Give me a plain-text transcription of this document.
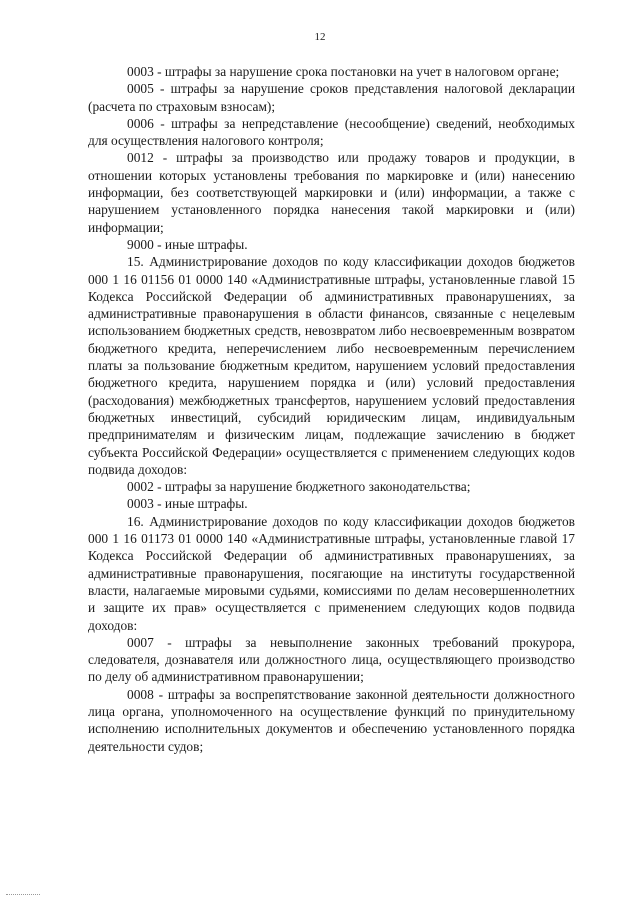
12

0003 - штрафы за нарушение срока постановки на учет в налоговом органе;

0005 - штрафы за нарушение сроков представления налоговой декларации (расчета по страховым взносам);

0006 - штрафы за непредставление (несообщение) сведений, необходимых для осуществления налогового контроля;

0012 - штрафы за производство или продажу товаров и продукции, в отношении которых установлены требования по маркировке и (или) нанесению информации, без соответствующей маркировки и (или) информации, а также с нарушением установленного порядка нанесения такой маркировки и (или) информации;

9000 - иные штрафы.

15. Администрирование доходов по коду классификации доходов бюджетов 000 1 16 01156 01 0000 140 «Административные штрафы, установленные главой 15 Кодекса Российской Федерации об административных правонарушениях, за административные правонарушения в области финансов, связанные с нецелевым использованием бюджетных средств, невозвратом либо несвоевременным возвратом бюджетного кредита, неперечислением либо несвоевременным перечислением платы за пользование бюджетным кредитом, нарушением условий предоставления бюджетного кредита, нарушением порядка и (или) условий предоставления (расходования) межбюджетных трансфертов, нарушением условий предоставления бюджетных инвестиций, субсидий юридическим лицам, индивидуальным предпринимателям и физическим лицам, подлежащие зачислению в бюджет субъекта Российской Федерации» осуществляется с применением следующих кодов подвида доходов:

0002 - штрафы за нарушение бюджетного законодательства;

0003 - иные штрафы.

16. Администрирование доходов по коду классификации доходов бюджетов 000 1 16 01173 01 0000 140 «Административные штрафы, установленные главой 17 Кодекса Российской Федерации об административных правонарушениях, за административные правонарушения, посягающие на институты государственной власти, налагаемые мировыми судьями, комиссиями по делам несовершеннолетних и защите их прав» осуществляется с применением следующих кодов подвида доходов:

0007 - штрафы за невыполнение законных требований прокурора, следователя, дознавателя или должностного лица, осуществляющего производство по делу об административном правонарушении;

0008 - штрафы за воспрепятствование законной деятельности должностного лица органа, уполномоченного на осуществление функций по принудительному исполнению исполнительных документов и обеспечению установленного порядка деятельности судов;
